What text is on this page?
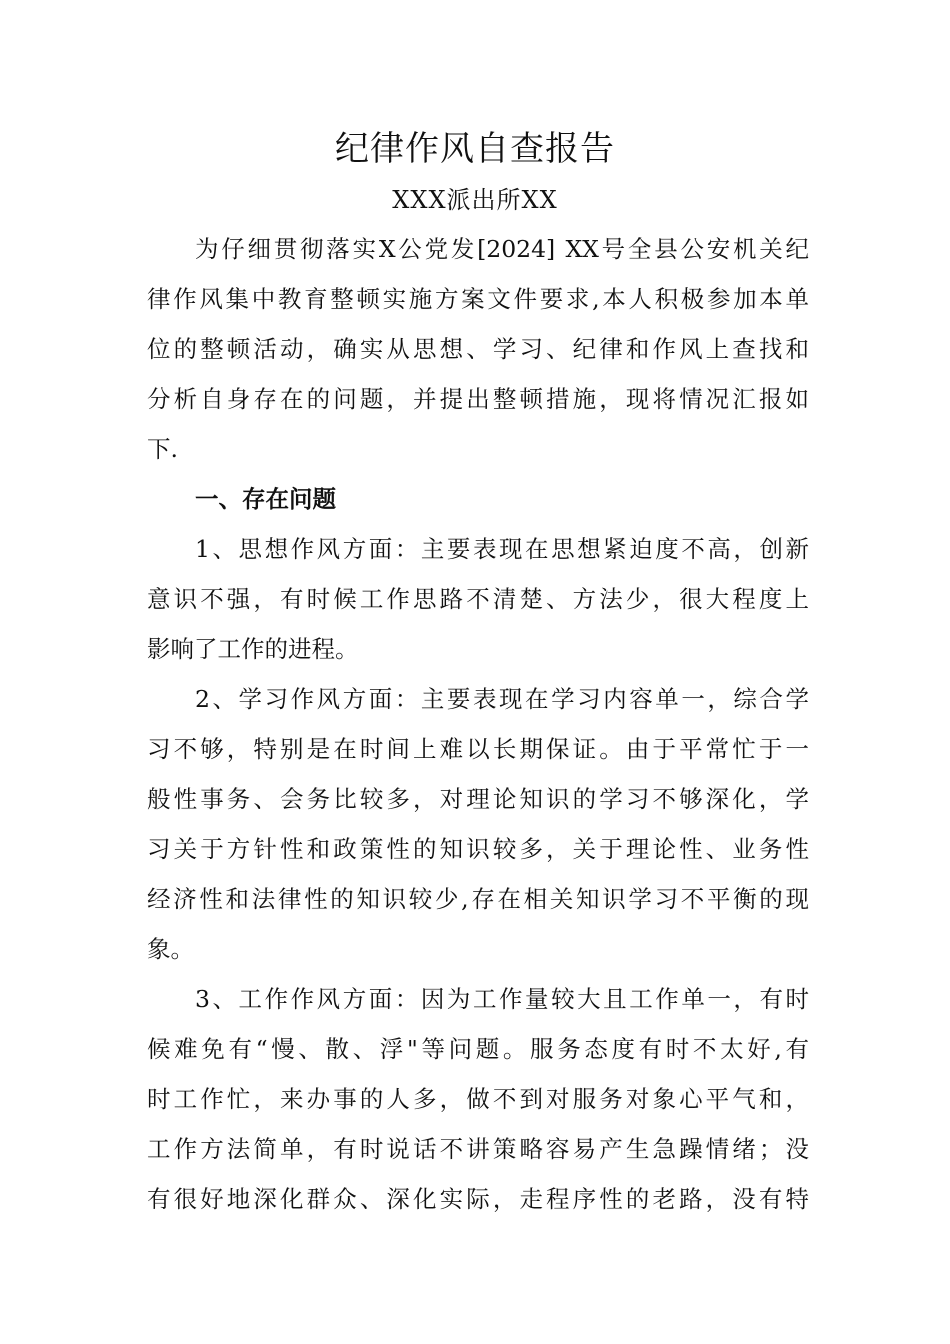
纪律作风自查报告
XXX派出所XX
为仔细贯彻落实X公党发[2024] XX号全县公安机关纪
律作风集中教育整顿实施方案文件要求,本人积极参加本单
位的整顿活动，确实从思想、学习、纪律和作风上查找和
分析自身存在的问题，并提出整顿措施，现将情况汇报如
下.
一、存在问题
1、思想作风方面：主要表现在思想紧迫度不高，创新
意识不强，有时候工作思路不清楚、方法少，很大程度上
影响了工作的进程。
2、学习作风方面：主要表现在学习内容单一，综合学
习不够，特别是在时间上难以长期保证。由于平常忙于一
般性事务、会务比较多，对理论知识的学习不够深化，学
习关于方针性和政策性的知识较多，关于理论性、业务性
经济性和法律性的知识较少,存在相关知识学习不平衡的现
象。
3、工作作风方面：因为工作量较大且工作单一，有时
候难免有“慢、散、浮"等问题。服务态度有时不太好,有
时工作忙，来办事的人多，做不到对服务对象心平气和，
工作方法简单，有时说话不讲策略容易产生急躁情绪；没
有很好地深化群众、深化实际，走程序性的老路，没有特
